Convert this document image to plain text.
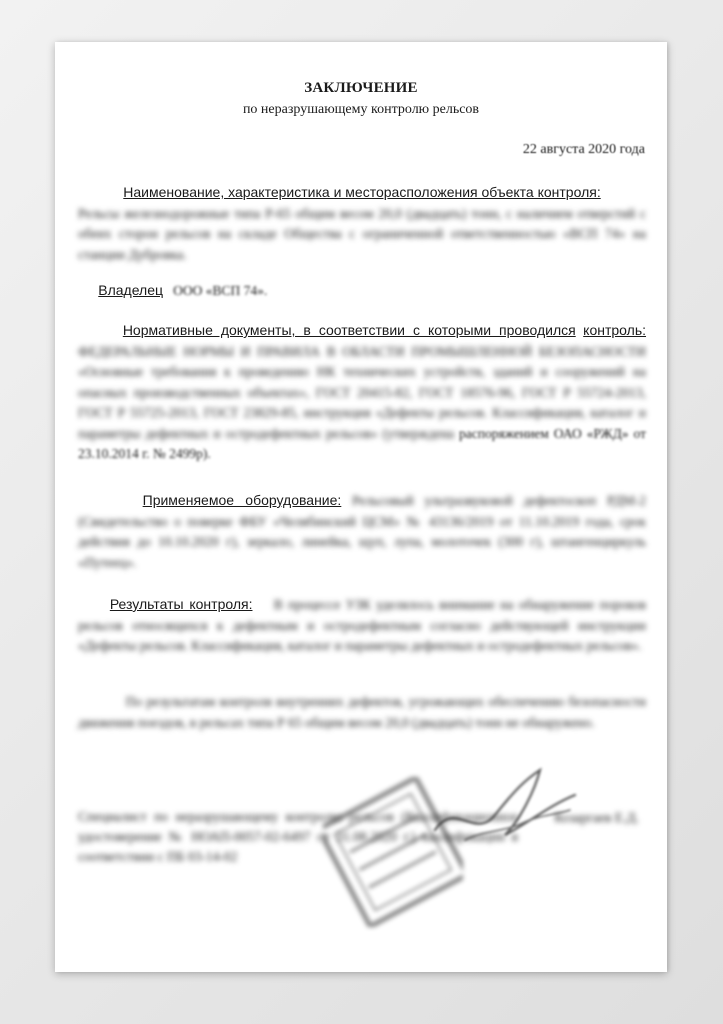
ЗАКЛЮЧЕНИЕ
по неразрушающему контролю рельсов
22 августа 2020 года
Наименование, характеристика и месторасположения объекта контроля:
Рельсы железнодорожные типа Р-65 общим весом 20,0 (двадцать) тонн, с наличием отверстий с обеих сторон рельсов на складе Общества с ограниченной ответственностью «ВСП 74» на станции Дубровка.
Владелец ООО «ВСП 74».
Нормативные документы, в соответствии с которыми проводился контроль: ФЕДЕРАЛЬНЫЕ НОРМЫ И ПРАВИЛА В ОБЛАСТИ ПРОМЫШЛЕННОЙ БЕЗОПАСНОСТИ «Основные требования к проведению НК технических устройств, зданий и сооружений на опасных производственных объектах», ГОСТ 20415-82, ГОСТ 18576-96, ГОСТ Р 55724-2013, ГОСТ Р 55725-2013, ГОСТ 23829-85, инструкция «Дефекты рельсов. Классификация, каталог и параметры дефектных и остродефектных рельсов» (утверждена распоряжением ОАО «РЖД» от 23.10.2014 г. № 2499р).
Применяемое оборудование: Рельсовый ультразвуковой дефектоскоп РДМ-2 (Свидетельство о поверке ФБУ «Челябинский ЦСМ» № 43136/2019 от 11.10.2019 года, срок действия до 10.10.2020 г), зеркало, линейка, щуп, лупа, молоточек (300 г), штангенциркуль «Путеец».
Результаты контроля: В процессе УЗК уделялось внимание на обнаружение пороков рельсов относящихся к дефектным и остродефектным согласно действующей инструкции «Дефекты рельсов. Классификация, каталог и параметры дефектных и остродефектных рельсов».
По результатам контроля внутренних дефектов, угрожающих обеспечению безопасности движения поездов, в рельсах типа Р 65 общим весом 20,0 (двадцать) тонн не обнаружено.
Специалист по неразрушающему контролю рельсов (Квалификационное удостоверение № НОАП-0057-02-6497 от 31.08.2020 г.) квалификации в соответствии с ПБ 03-14-02
Козаргаев Е.Д.
